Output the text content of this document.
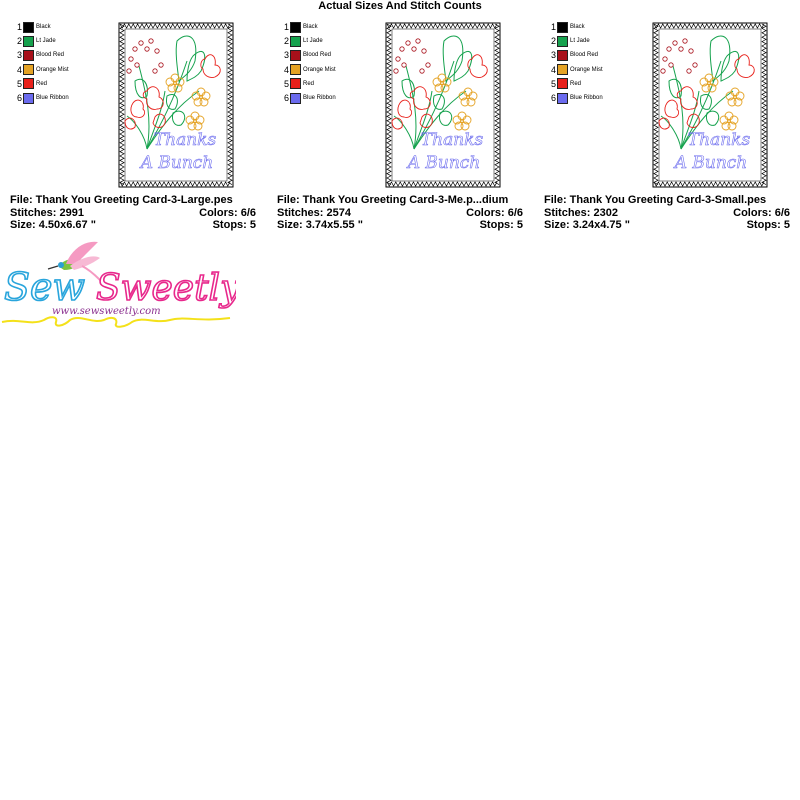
Actual Sizes And Stitch Counts
1 Black
2 Lt Jade
3 Blood Red
4 Orange Mist
5 Red
6 Blue Ribbon
Thanks
A Bunch
File: Thank You Greeting Card-3-Large.pes
Stitches: 2991	Colors: 6/6
Size: 4.50x6.67 "	Stops: 5
1 Black
2 Lt Jade
3 Blood Red
4 Orange Mist
5 Red
6 Blue Ribbon
Thanks
A Bunch
File: Thank You Greeting Card-3-Me.p...dium
Stitches: 2574	Colors: 6/6
Size: 3.74x5.55 "	Stops: 5
1 Black
2 Lt Jade
3 Blood Red
4 Orange Mist
5 Red
6 Blue Ribbon
Thanks
A Bunch
File: Thank You Greeting Card-3-Small.pes
Stitches: 2302	Colors: 6/6
Size: 3.24x4.75 "	Stops: 5
Sew Sweetly
www.sewsweetly.com
